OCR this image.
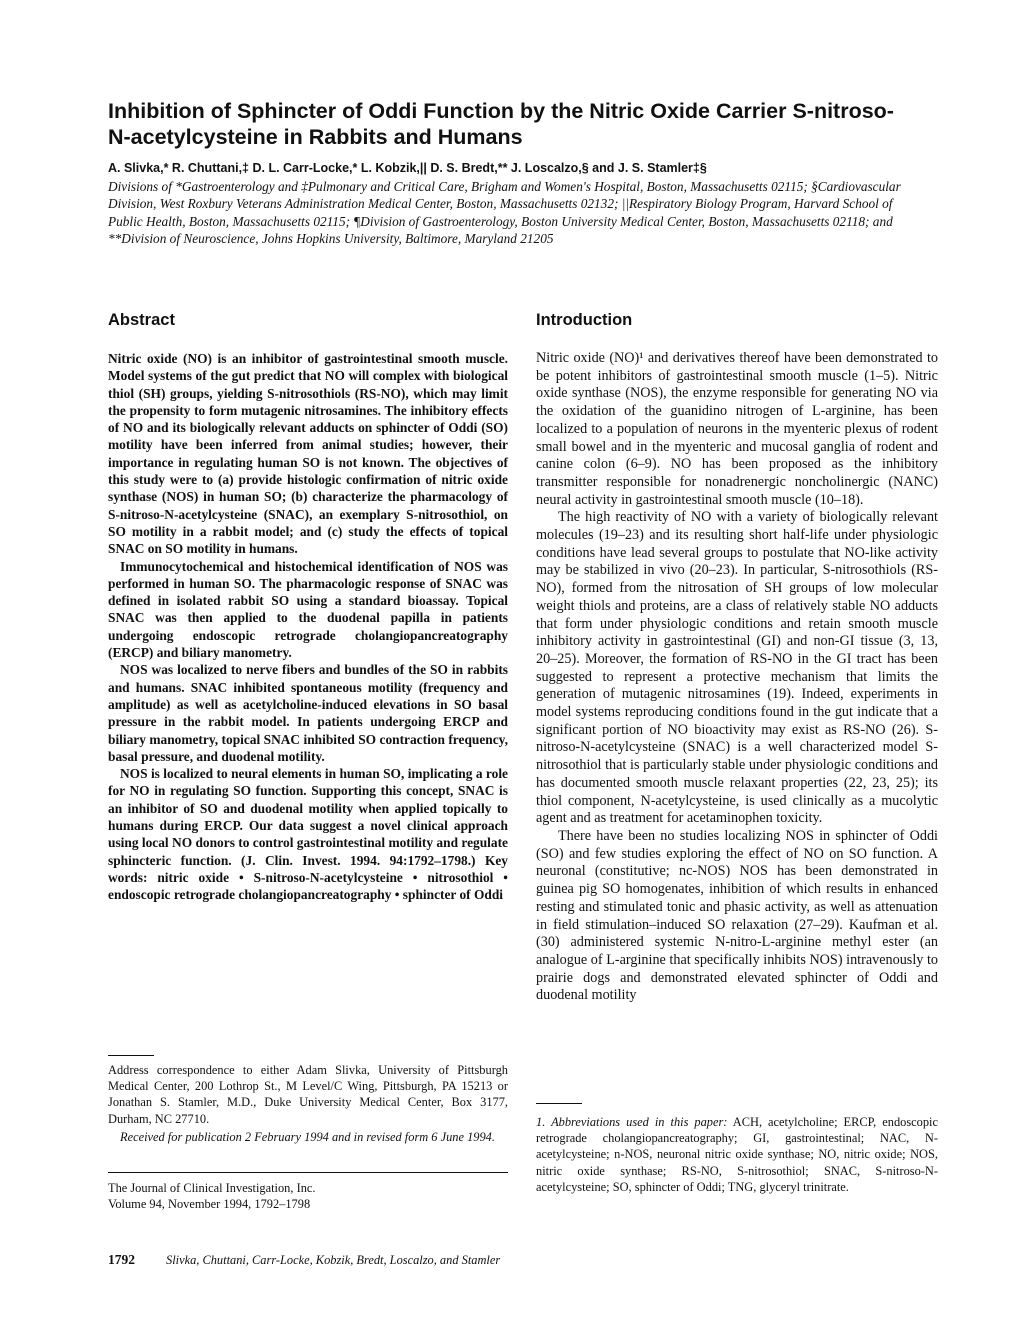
Inhibition of Sphincter of Oddi Function by the Nitric Oxide Carrier S-nitroso-
N-acetylcysteine in Rabbits and Humans
A. Slivka,* R. Chuttani,‡ D. L. Carr-Locke,* L. Kobzik,|| D. S. Bredt,** J. Loscalzo,§ and J. S. Stamler‡§
Divisions of *Gastroenterology and ‡Pulmonary and Critical Care, Brigham and Women's Hospital, Boston, Massachusetts 02115; §Cardiovascular Division, West Roxbury Veterans Administration Medical Center, Boston, Massachusetts 02132; ||Respiratory Biology Program, Harvard School of Public Health, Boston, Massachusetts 02115; ¶Division of Gastroenterology, Boston University Medical Center, Boston, Massachusetts 02118; and **Division of Neuroscience, Johns Hopkins University, Baltimore, Maryland 21205
Abstract

Nitric oxide (NO) is an inhibitor of gastrointestinal smooth muscle. Model systems of the gut predict that NO will complex with biological thiol (SH) groups, yielding S-nitrosothiols (RS-NO), which may limit the propensity to form mutagenic nitrosamines. The inhibitory effects of NO and its biologically relevant adducts on sphincter of Oddi (SO) motility have been inferred from animal studies; however, their importance in regulating human SO is not known. The objectives of this study were to (a) provide histologic confirmation of nitric oxide synthase (NOS) in human SO; (b) characterize the pharmacology of S-nitroso-N-acetylcysteine (SNAC), an exemplary S-nitrosothiol, on SO motility in a rabbit model; and (c) study the effects of topical SNAC on SO motility in humans.

Immunocytochemical and histochemical identification of NOS was performed in human SO. The pharmacologic response of SNAC was defined in isolated rabbit SO using a standard bioassay. Topical SNAC was then applied to the duodenal papilla in patients undergoing endoscopic retrograde cholangiopancreatography (ERCP) and biliary manometry.

NOS was localized to nerve fibers and bundles of the SO in rabbits and humans. SNAC inhibited spontaneous motility (frequency and amplitude) as well as acetylcholine-induced elevations in SO basal pressure in the rabbit model. In patients undergoing ERCP and biliary manometry, topical SNAC inhibited SO contraction frequency, basal pressure, and duodenal motility.

NOS is localized to neural elements in human SO, implicating a role for NO in regulating SO function. Supporting this concept, SNAC is an inhibitor of SO and duodenal motility when applied topically to humans during ERCP. Our data suggest a novel clinical approach using local NO donors to control gastrointestinal motility and regulate sphincteric function. (J. Clin. Invest. 1994. 94:1792–1798.) Key words: nitric oxide • S-nitroso-N-acetylcysteine • nitrosothiol • endoscopic retrograde cholangiopancreatography • sphincter of Oddi

Address correspondence to either Adam Slivka, University of Pittsburgh Medical Center, 200 Lothrop St., M Level/C Wing, Pittsburgh, PA 15213 or Jonathan S. Stamler, M.D., Duke University Medical Center, Box 3177, Durham, NC 27710.

Received for publication 2 February 1994 and in revised form 6 June 1994.

The Journal of Clinical Investigation, Inc.

Volume 94, November 1994, 1792–1798

Introduction

Nitric oxide (NO)¹ and derivatives thereof have been demonstrated to be potent inhibitors of gastrointestinal smooth muscle (1–5). Nitric oxide synthase (NOS), the enzyme responsible for generating NO via the oxidation of the guanidino nitrogen of L-arginine, has been localized to a population of neurons in the myenteric plexus of rodent small bowel and in the myenteric and mucosal ganglia of rodent and canine colon (6–9). NO has been proposed as the inhibitory transmitter responsible for nonadrenergic noncholinergic (NANC) neural activity in gastrointestinal smooth muscle (10–18).

The high reactivity of NO with a variety of biologically relevant molecules (19–23) and its resulting short half-life under physiologic conditions have lead several groups to postulate that NO-like activity may be stabilized in vivo (20–23). In particular, S-nitrosothiols (RS-NO), formed from the nitrosation of SH groups of low molecular weight thiols and proteins, are a class of relatively stable NO adducts that form under physiologic conditions and retain smooth muscle inhibitory activity in gastrointestinal (GI) and non-GI tissue (3, 13, 20–25). Moreover, the formation of RS-NO in the GI tract has been suggested to represent a protective mechanism that limits the generation of mutagenic nitrosamines (19). Indeed, experiments in model systems reproducing conditions found in the gut indicate that a significant portion of NO bioactivity may exist as RS-NO (26). S-nitroso-N-acetylcysteine (SNAC) is a well characterized model S-nitrosothiol that is particularly stable under physiologic conditions and has documented smooth muscle relaxant properties (22, 23, 25); its thiol component, N-acetylcysteine, is used clinically as a mucolytic agent and as treatment for acetaminophen toxicity.

There have been no studies localizing NOS in sphincter of Oddi (SO) and few studies exploring the effect of NO on SO function. A neuronal (constitutive; nc-NOS) NOS has been demonstrated in guinea pig SO homogenates, inhibition of which results in enhanced resting and stimulated tonic and phasic activity, as well as attenuation in field stimulation–induced SO relaxation (27–29). Kaufman et al. (30) administered systemic N-nitro-L-arginine methyl ester (an analogue of L-arginine that specifically inhibits NOS) intravenously to prairie dogs and demonstrated elevated sphincter of Oddi and duodenal motility

1. Abbreviations used in this paper: ACH, acetylcholine; ERCP, endoscopic retrograde cholangiopancreatography; GI, gastrointestinal; NAC, N-acetylcysteine; n-NOS, neuronal nitric oxide synthase; NO, nitric oxide; NOS, nitric oxide synthase; RS-NO, S-nitrosothiol; SNAC, S-nitroso-N-acetylcysteine; SO, sphincter of Oddi; TNG, glyceryl trinitrate.
1792	Slivka, Chuttani, Carr-Locke, Kobzik, Bredt, Loscalzo, and Stamler
